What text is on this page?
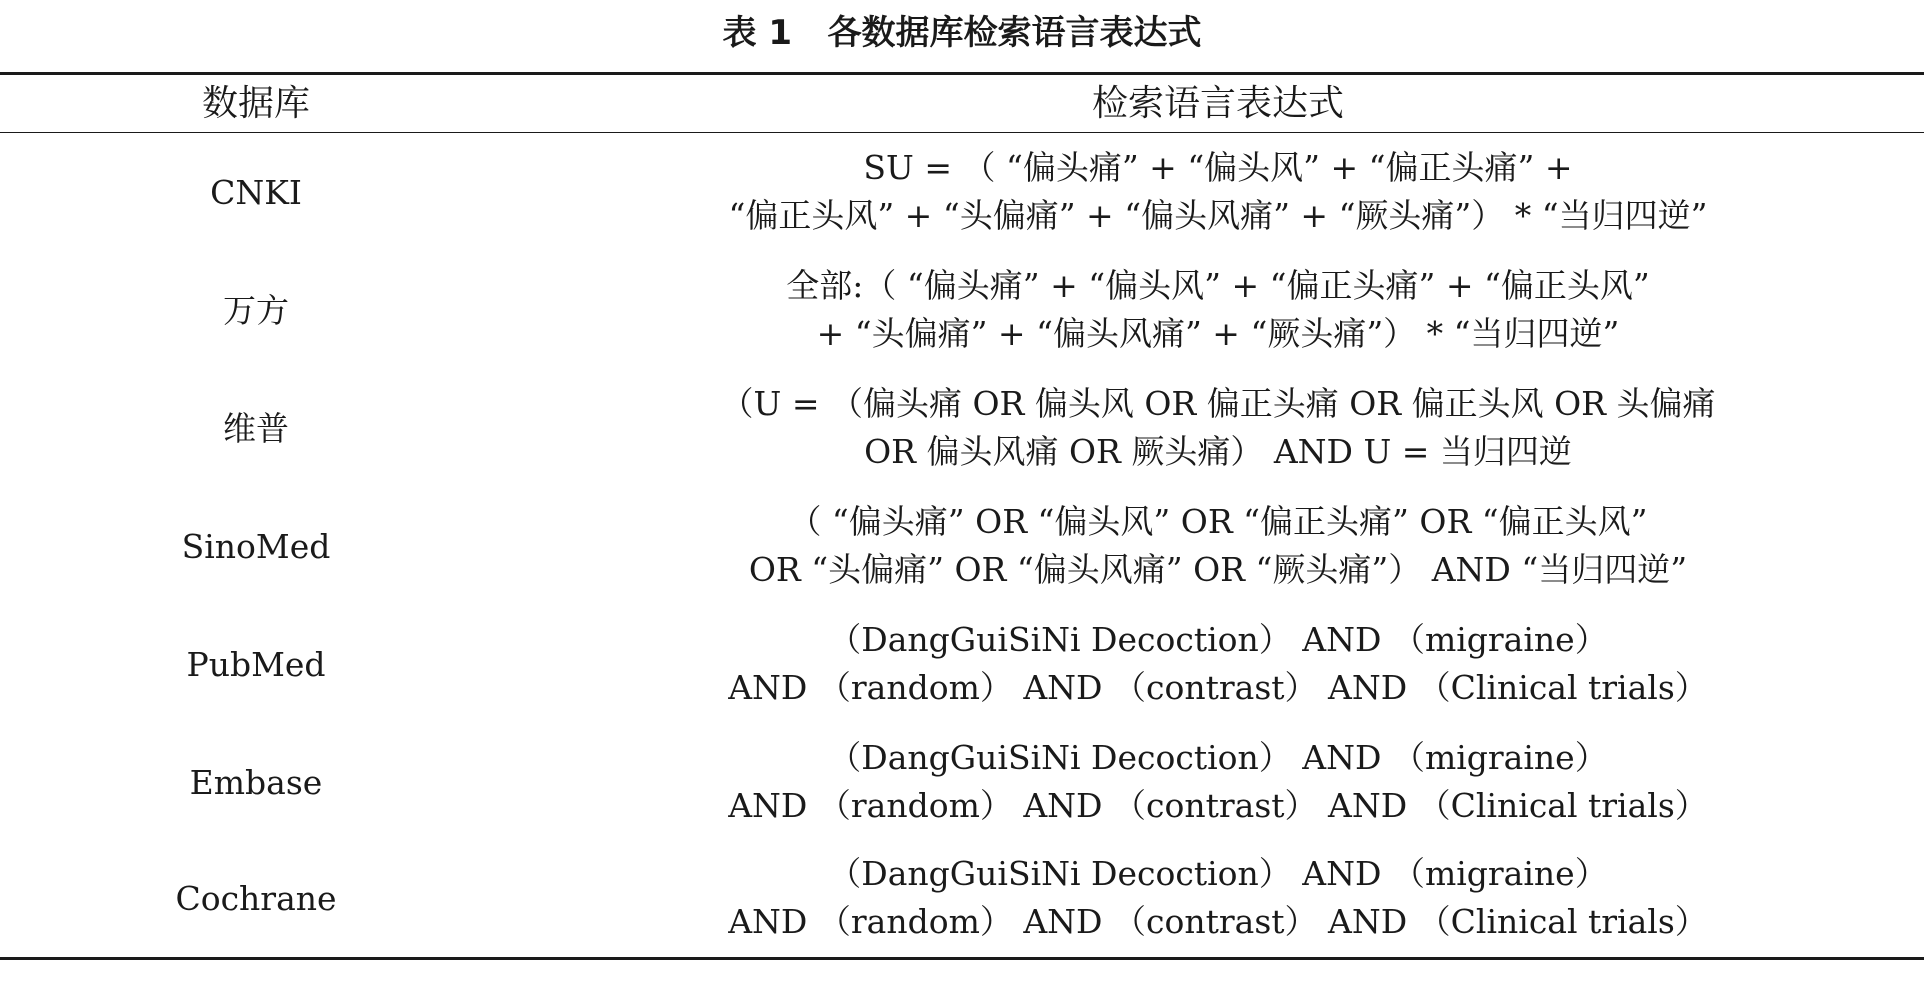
表 1   各数据库检索语言表达式
数据库	检索语言表达式
CNKI
SU = （ “偏头痛” + “偏头风” + “偏正头痛” +
“偏正头风” + “头偏痛” + “偏头风痛” + “厥头痛”） * “当归四逆”
万方
全部:（ “偏头痛” + “偏头风” + “偏正头痛” + “偏正头风”
+ “头偏痛” + “偏头风痛” + “厥头痛”） * “当归四逆”
维普
（U = （偏头痛 OR 偏头风 OR 偏正头痛 OR 偏正头风 OR 头偏痛
OR 偏头风痛 OR 厥头痛） AND U = 当归四逆
SinoMed
（ “偏头痛” OR “偏头风” OR “偏正头痛” OR “偏正头风”
OR “头偏痛” OR “偏头风痛” OR “厥头痛”） AND “当归四逆”
PubMed
（DangGuiSiNi Decoction） AND （migraine）
AND （random） AND （contrast） AND （Clinical trials）
Embase
（DangGuiSiNi Decoction） AND （migraine）
AND （random） AND （contrast） AND （Clinical trials）
Cochrane
（DangGuiSiNi Decoction） AND （migraine）
AND （random） AND （contrast） AND （Clinical trials）
